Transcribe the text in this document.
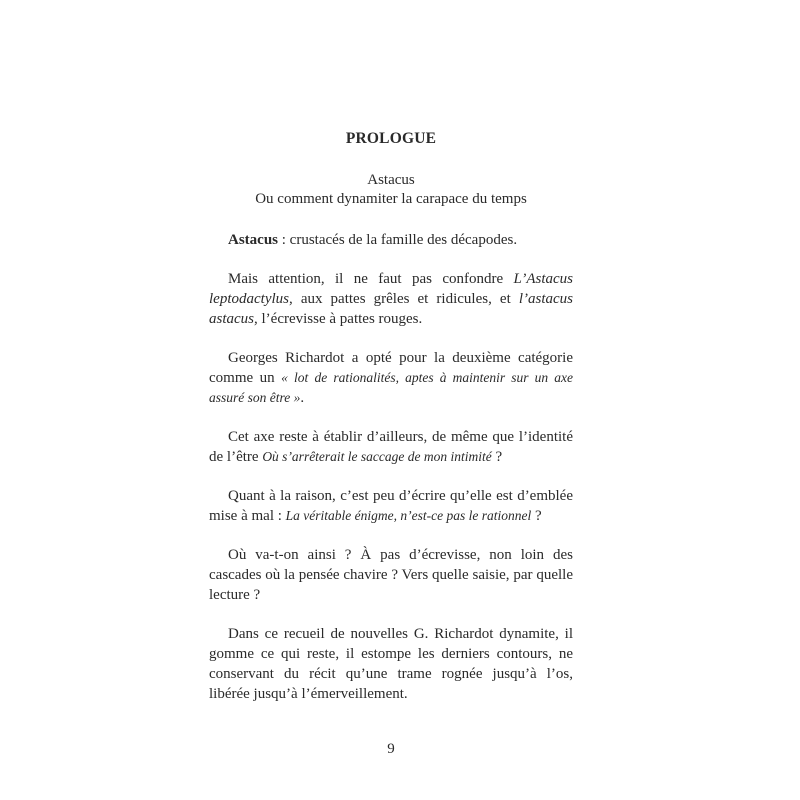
PROLOGUE
Astacus
Ou comment dynamiter la carapace du temps

Astacus : crustacés de la famille des décapodes.

Mais attention, il ne faut pas confondre L’Astacus leptodactylus, aux pattes grêles et ridicules, et l’astacus astacus, l’écrevisse à pattes rouges.

Georges Richardot a opté pour la deuxième catégorie comme un « lot de rationalités, aptes à maintenir sur un axe assuré son être ».

Cet axe reste à établir d’ailleurs, de même que l’identité de l’être Où s’arrêterait le saccage de mon intimité ?

Quant à la raison, c’est peu d’écrire qu’elle est d’emblée mise à mal : La véritable énigme, n’est-ce pas le rationnel ?

Où va-t-on ainsi ? À pas d’écrevisse, non loin des cascades où la pensée chavire ? Vers quelle saisie, par quelle lecture ?

Dans ce recueil de nouvelles G. Richardot dynamite, il gomme ce qui reste, il estompe les derniers contours, ne conservant du récit qu’une trame rognée jusqu’à l’os, libérée jusqu’à l’émerveillement.

9
